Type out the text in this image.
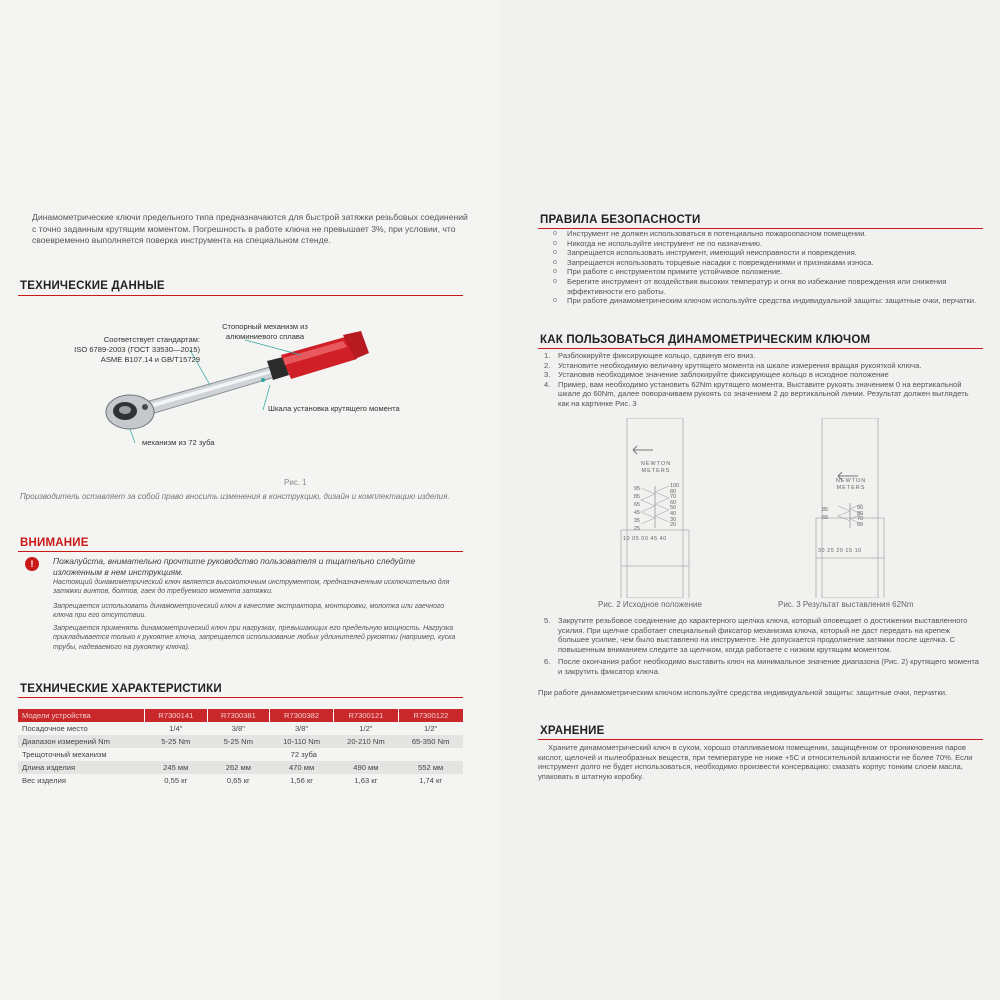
Динамометрические ключи предельного типа предназначаются для быстрой затяжки резьбовых соединений с точно заданным крутящим моментом. Погрешность в работе ключа не превышает 3%, при условии, что своевременно выполняется поверка инструмента на специальном стенде.
ТЕХНИЧЕСКИЕ ДАННЫЕ
Соответствует стандартам:
ISO 6789-2003 (ГОСТ 33530—2015)
ASME B107.14 и GB/T15729
Стопорный механизм из
алюминиевого сплава
Шкала установка крутящего момента
механизм из 72 зуба
Рис. 1
Производитель оставляет за собой право вносить изменения в конструкцию, дизайн и комплектацию изделия.
ВНИМАНИЕ
!	Пожалуйста, внимательно прочтите руководство пользователя и тщательно следуйте изложенным в нем инструкциям.
Настоящий динамометрический ключ является высокоточным инструментом, предназначенным исключительно для затяжки винтов, болтов, гаек до требуемого момента затяжки.
Запрещается использовать динамометрический ключ в качестве экстрактора, монтировки, молотка или гаечного ключа при его отсутствии.
Запрещается применять динамометрический ключ при нагрузках, превышающих его предельную мощность. Нагрузка прикладывается только к рукоятке ключа, запрещается использование любых удлинителей рукоятки (например, куска трубы, надеваемого на рукоятку ключа).
ТЕХНИЧЕСКИЕ ХАРАКТЕРИСТИКИ
Модели устройства	R7300141	R7300381	R7300382	R7300121	R7300122
Посадочное место	1/4"	3/8"	3/8"	1/2"	1/2"
Диапазон измерений Nm	5-25 Nm	5-25 Nm	10-110 Nm	20-210 Nm	65-350 Nm
Трещоточный механизм	72 зуба				
Длина изделия	245 мм	262 мм	470 мм	490 мм	552 мм
Вес изделия	0,55 кг	0,65 кг	1,56 кг	1,63 кг	1,74 кг
ПРАВИЛА БЕЗОПАСНОСТИ
o Инструмент не должен использоваться в потенциально пожароопасном помещении.
o Никогда не используйте инструмент не по назначению.
o Запрещается использовать инструмент, имеющий неисправности и повреждения.
o Запрещается использовать торцевые насадки с повреждениями и признаками износа.
o При работе с инструментом примите устойчивое положение.
o Берегите инструмент от воздействия высоких температур и огня во избежание повреждения или снижения эффективности его работы.
o При работе динамометрическим ключом используйте средства индивидуальной защиты: защитные очки, перчатки.
КАК ПОЛЬЗОВАТЬСЯ ДИНАМОМЕТРИЧЕСКИМ КЛЮЧОМ
1. Разблокируйте фиксирующее кольцо, сдвинув его вниз.
2. Установите необходимую величину крутящего момента на шкале измерения вращая рукояткой ключа.
3. Установив необходимое значение заблокируйте фиксирующее кольцо в исходное положение
4. Пример, вам необходимо установить 62Nm крутящего момента. Выставите рукоять значением 0 на вертикальной шкале до 60Nm, далее поворачиваем рукоять со значением 2 до вертикальной линии. Результат должен выглядеть как на картинке Рис. 3
NEWTON
METERS
95
85
65
45
35
25
100
80
70
60
50
40
30
20
10 05 00 45 40
Рис. 2 Исходное положение
NEWTON
METERS
85
65
90
80
70
60
30 25 20 15 10
Рис. 3 Результат выставления 62Nm
5. Закрутите резьбовое соединение до характерного щелчка ключа, который оповещает о достижении выставленного усилия. При щелчке сработает специальный фиксатор механизма ключа, который не даст передать на крепеж большее усилие, чем было выставлено на инструменте. Не допускается продолжение затяжки после щелчка. С повышенным вниманием следите за щелчком, когда работаете с низким крутящим моментом.
6. После окончания работ необходимо выставить ключ на минимальное значение диапазона (Рис. 2) крутящего момента и закрутить фиксатор ключа.
При работе динамометрическим ключом используйте средства индивидуальной защиты: защитные очки, перчатки.
ХРАНЕНИЕ
Храните динамометрический ключ в сухом, хорошо отапливаемом помещении, защищённом от проникновения паров кислот, щелочей и пылеобразных веществ, при температуре не ниже +5С и относительной влажности не более 70%. Если инструмент долго не будет использоваться, необходимо произвести консервацию: смазать корпус тонким слоем масла, упаковать в штатную коробку.
